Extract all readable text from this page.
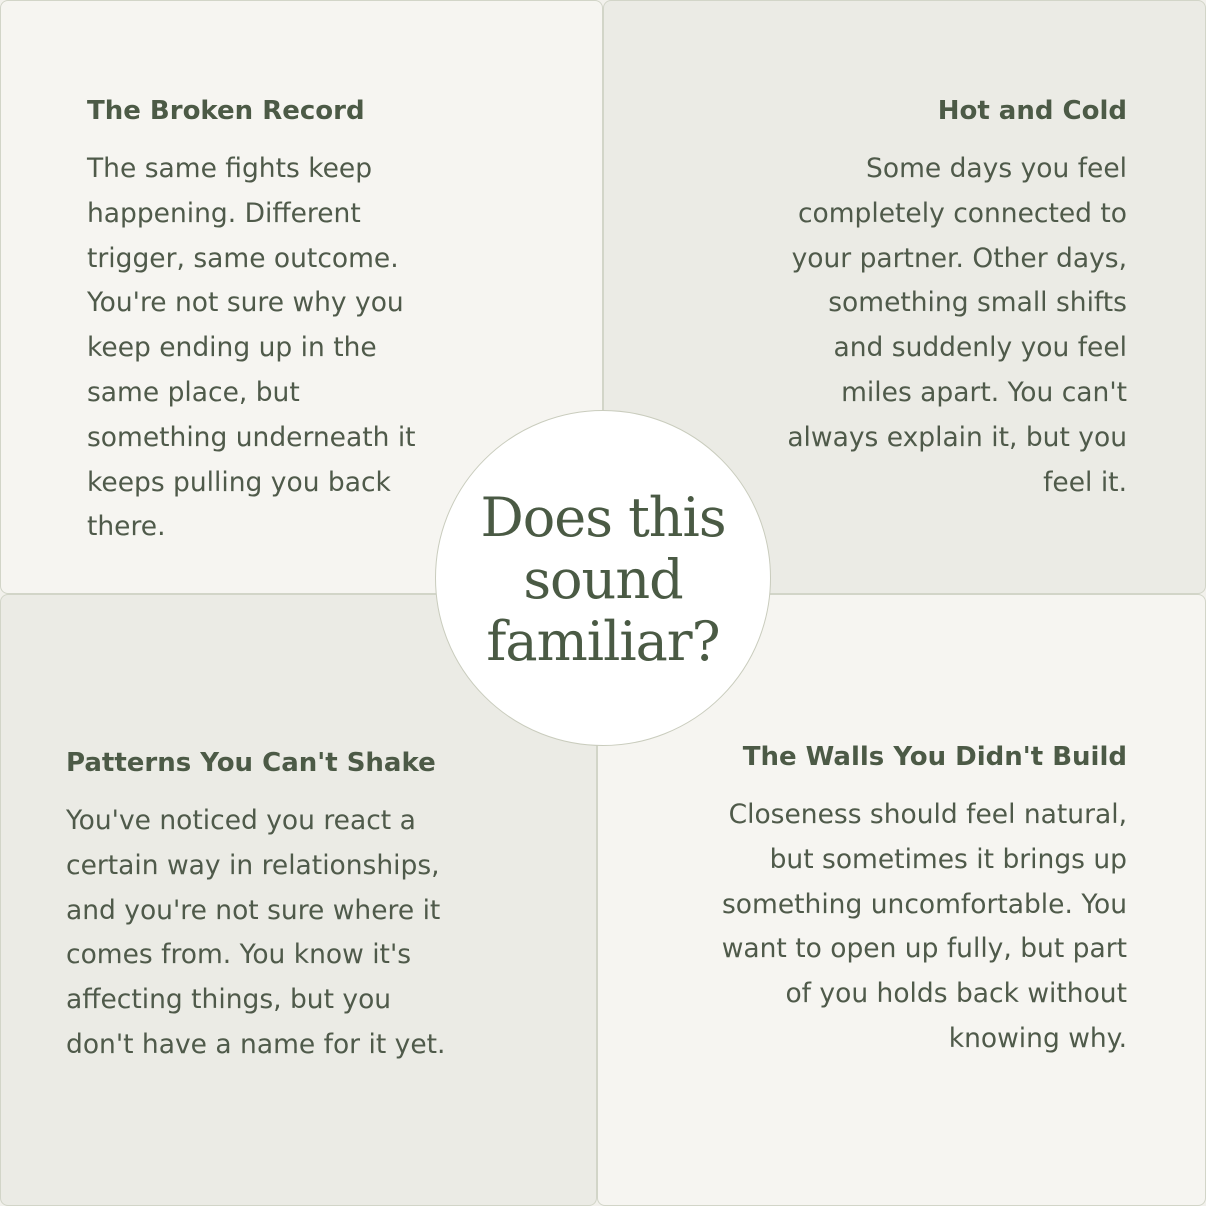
The Broken Record
The same fights keep
happening. Different
trigger, same outcome.
You're not sure why you
keep ending up in the
same place, but
something underneath it
keeps pulling you back
there.
Hot and Cold
Some days you feel
completely connected to
your partner. Other days,
something small shifts
and suddenly you feel
miles apart. You can't
always explain it, but you
feel it.
Patterns You Can't Shake
You've noticed you react a
certain way in relationships,
and you're not sure where it
comes from. You know it's
affecting things, but you
don't have a name for it yet.
The Walls You Didn't Build
Closeness should feel natural,
but sometimes it brings up
something uncomfortable. You
want to open up fully, but part
of you holds back without
knowing why.
Does this
sound
familiar?
